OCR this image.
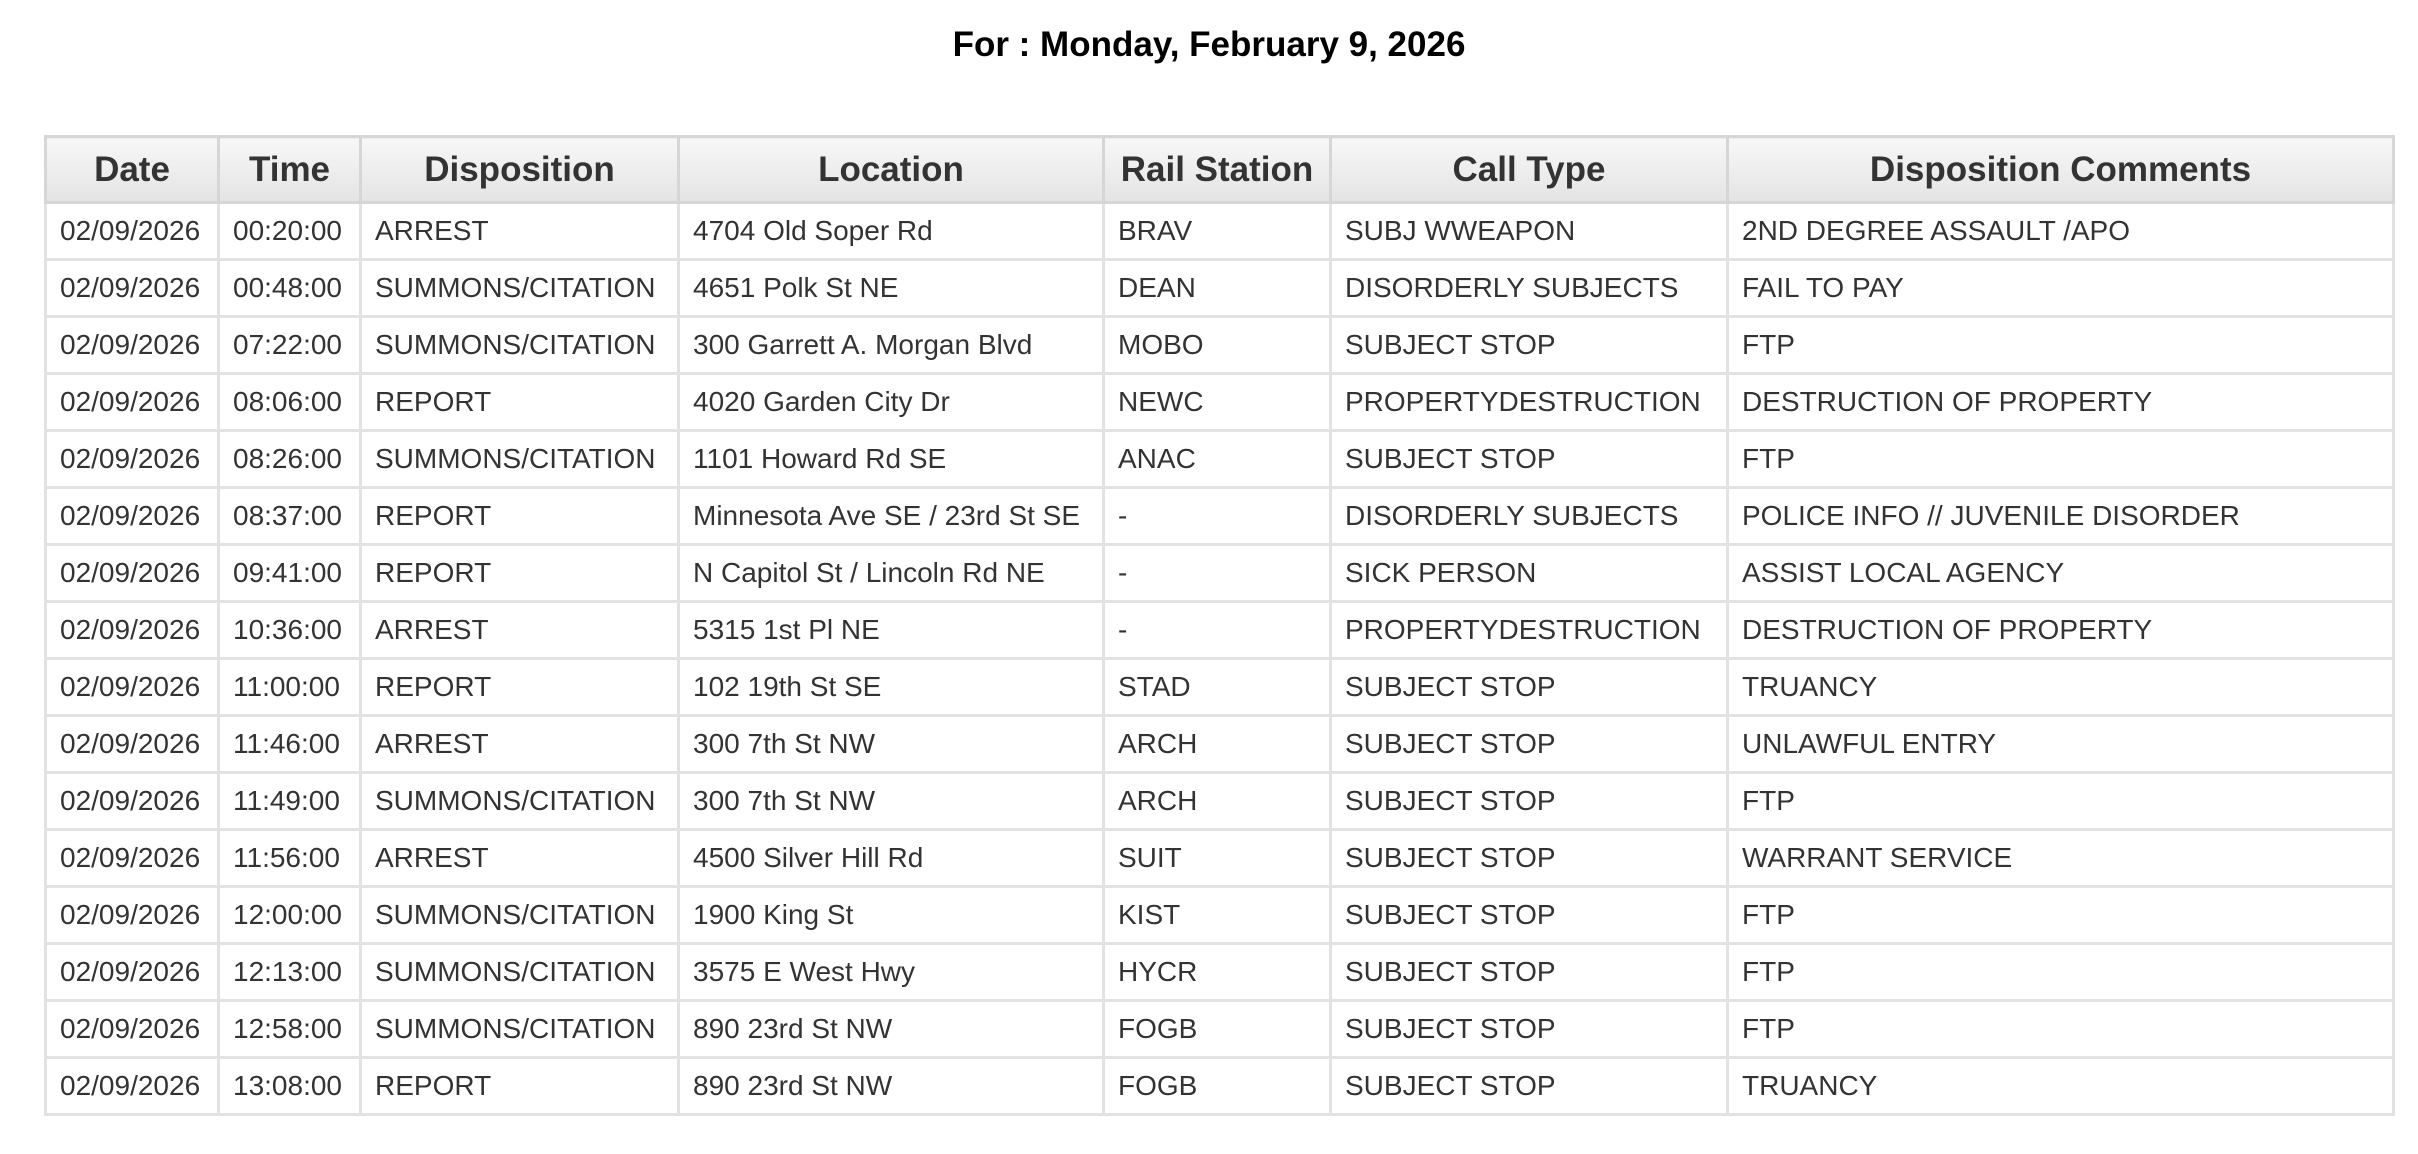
For : Monday, February 9, 2026
Date	Time	Disposition	Location	Rail Station	Call Type	Disposition Comments
02/09/2026	00:20:00	ARREST	4704 Old Soper Rd	BRAV	SUBJ WWEAPON	2ND DEGREE ASSAULT /APO
02/09/2026	00:48:00	SUMMONS/CITATION	4651 Polk St NE	DEAN	DISORDERLY SUBJECTS	FAIL TO PAY
02/09/2026	07:22:00	SUMMONS/CITATION	300 Garrett A. Morgan Blvd	MOBO	SUBJECT STOP	FTP
02/09/2026	08:06:00	REPORT	4020 Garden City Dr	NEWC	PROPERTYDESTRUCTION	DESTRUCTION OF PROPERTY
02/09/2026	08:26:00	SUMMONS/CITATION	1101 Howard Rd SE	ANAC	SUBJECT STOP	FTP
02/09/2026	08:37:00	REPORT	Minnesota Ave SE / 23rd St SE	-	DISORDERLY SUBJECTS	POLICE INFO // JUVENILE DISORDER
02/09/2026	09:41:00	REPORT	N Capitol St / Lincoln Rd NE	-	SICK PERSON	ASSIST LOCAL AGENCY
02/09/2026	10:36:00	ARREST	5315 1st Pl NE	-	PROPERTYDESTRUCTION	DESTRUCTION OF PROPERTY
02/09/2026	11:00:00	REPORT	102 19th St SE	STAD	SUBJECT STOP	TRUANCY
02/09/2026	11:46:00	ARREST	300 7th St NW	ARCH	SUBJECT STOP	UNLAWFUL ENTRY
02/09/2026	11:49:00	SUMMONS/CITATION	300 7th St NW	ARCH	SUBJECT STOP	FTP
02/09/2026	11:56:00	ARREST	4500 Silver Hill Rd	SUIT	SUBJECT STOP	WARRANT SERVICE
02/09/2026	12:00:00	SUMMONS/CITATION	1900 King St	KIST	SUBJECT STOP	FTP
02/09/2026	12:13:00	SUMMONS/CITATION	3575 E West Hwy	HYCR	SUBJECT STOP	FTP
02/09/2026	12:58:00	SUMMONS/CITATION	890 23rd St NW	FOGB	SUBJECT STOP	FTP
02/09/2026	13:08:00	REPORT	890 23rd St NW	FOGB	SUBJECT STOP	TRUANCY
